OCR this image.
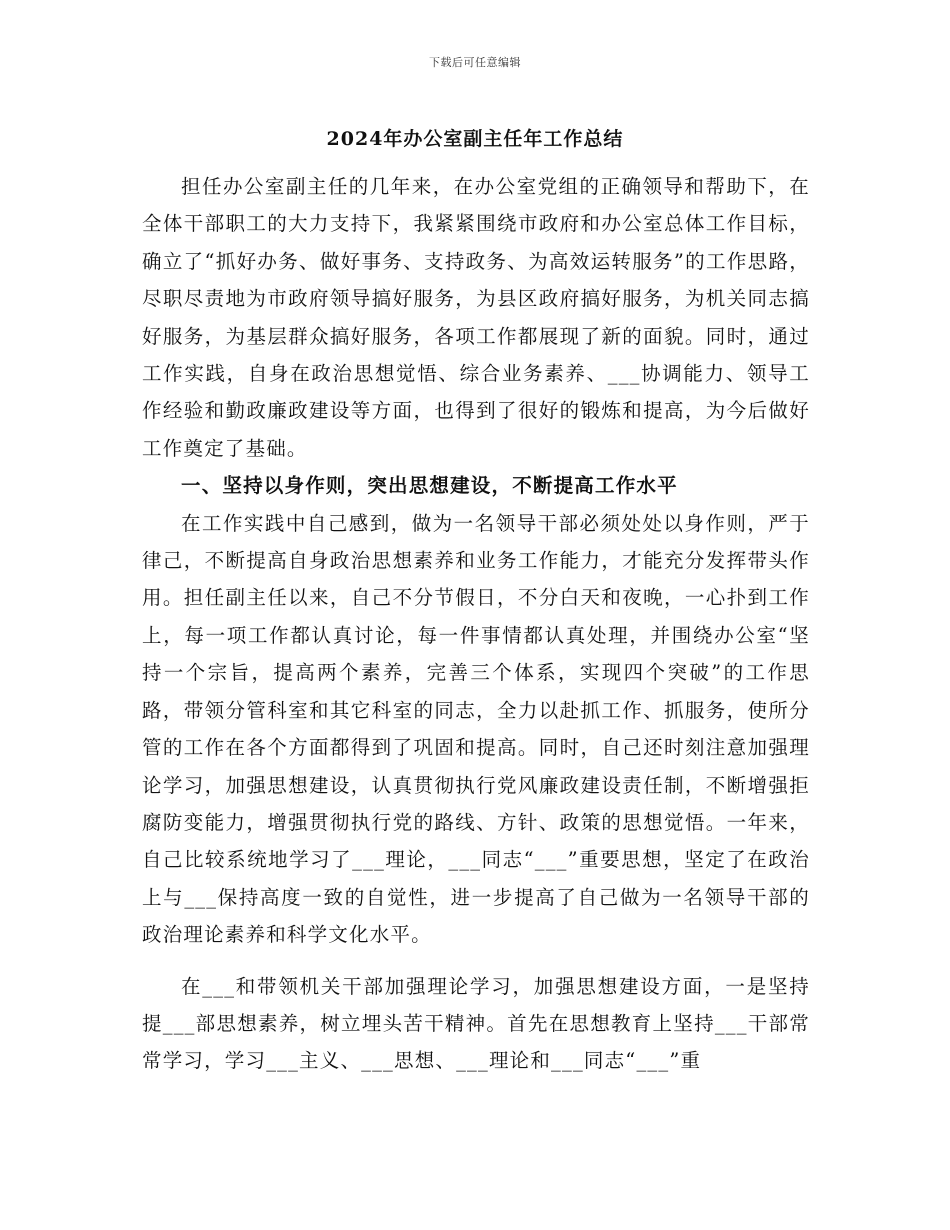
下载后可任意编辑
2024年办公室副主任年工作总结

担任办公室副主任的几年来，在办公室党组的正确领导和帮助下，在全体干部职工的大力支持下，我紧紧围绕市政府和办公室总体工作目标，确立了“抓好办务、做好事务、支持政务、为高效运转服务”的工作思路，尽职尽责地为市政府领导搞好服务，为县区政府搞好服务，为机关同志搞好服务，为基层群众搞好服务，各项工作都展现了新的面貌。同时，通过工作实践，自身在政治思想觉悟、综合业务素养、___协调能力、领导工作经验和勤政廉政建设等方面，也得到了很好的锻炼和提高，为今后做好工作奠定了基础。

一、坚持以身作则，突出思想建设，不断提高工作水平

在工作实践中自己感到，做为一名领导干部必须处处以身作则，严于律己，不断提高自身政治思想素养和业务工作能力，才能充分发挥带头作用。担任副主任以来，自己不分节假日，不分白天和夜晚，一心扑到工作上，每一项工作都认真讨论，每一件事情都认真处理，并围绕办公室“坚持一个宗旨，提高两个素养，完善三个体系，实现四个突破”的工作思路，带领分管科室和其它科室的同志，全力以赴抓工作、抓服务，使所分管的工作在各个方面都得到了巩固和提高。同时，自己还时刻注意加强理论学习，加强思想建设，认真贯彻执行党风廉政建设责任制，不断增强拒腐防变能力，增强贯彻执行党的路线、方针、政策的思想觉悟。一年来，自己比较系统地学习了___理论，___同志“___”重要思想，坚定了在政治上与___保持高度一致的自觉性，进一步提高了自己做为一名领导干部的政治理论素养和科学文化水平。

在___和带领机关干部加强理论学习，加强思想建设方面，一是坚持提___部思想素养，树立埋头苦干精神。首先在思想教育上坚持___干部常常学习，学习___主义、___思想、___理论和___同志“___”重
